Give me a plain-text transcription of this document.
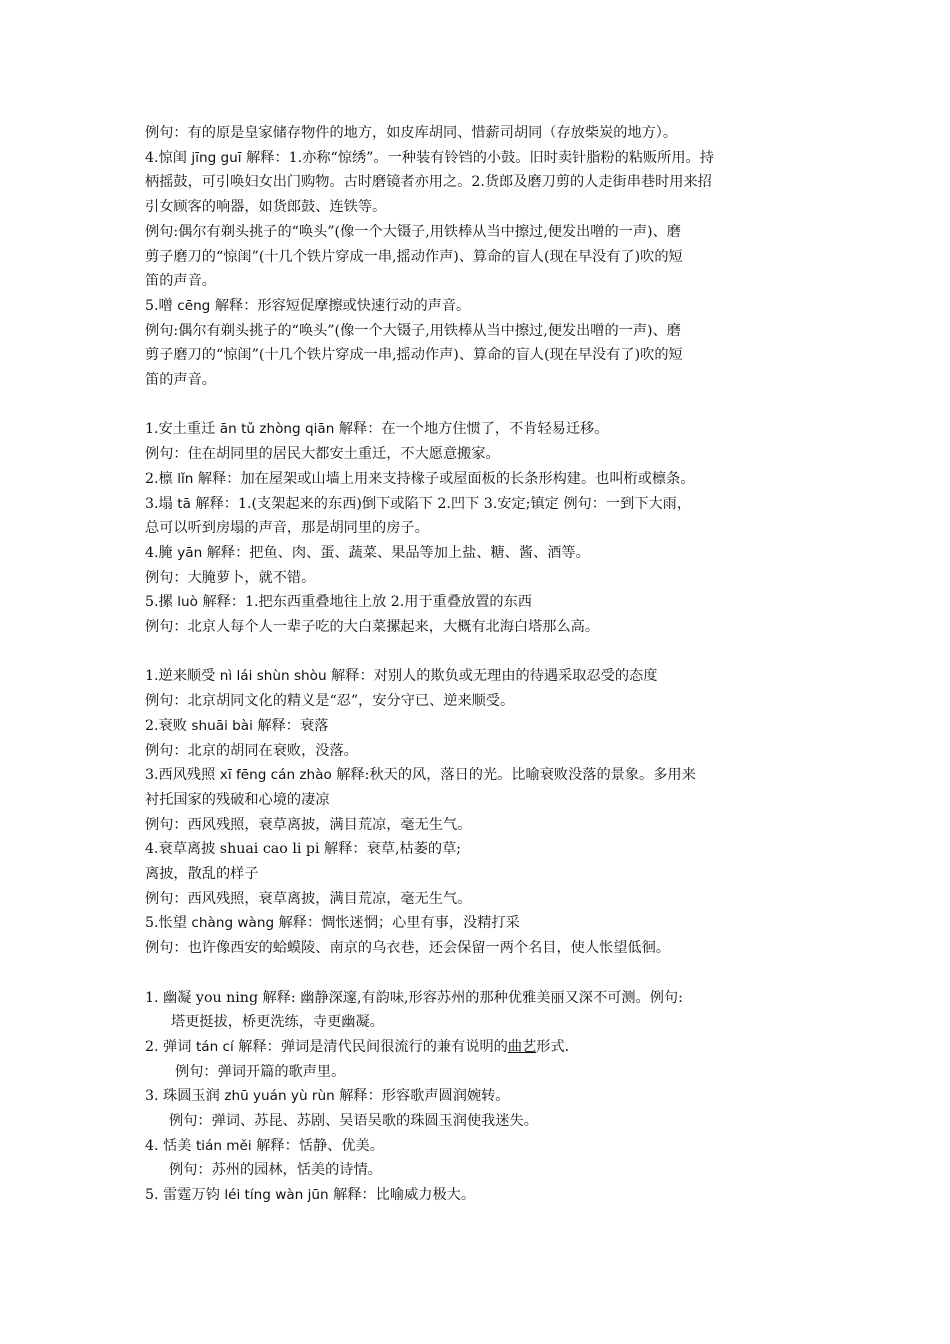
例句：有的原是皇家储存物件的地方，如皮库胡同、惜薪司胡同（存放柴炭的地方）。
4.惊闺 jīng guī 解释：1.亦称“惊绣”。一种装有铃铛的小鼓。旧时卖针脂粉的粘贩所用。持
柄摇鼓，可引唤妇女出门购物。古时磨镜者亦用之。2.货郎及磨刀剪的人走街串巷时用来招
引女顾客的响器，如货郎鼓、连铁等。
例句:偶尔有剃头挑子的“唤头”(像一个大镊子,用铁棒从当中擦过,便发出噌的一声)、磨
剪子磨刀的“惊闺”(十几个铁片穿成一串,摇动作声)、算命的盲人(现在早没有了)吹的短
笛的声音。
5.噌 cēng 解释：形容短促摩擦或快速行动的声音。
例句:偶尔有剃头挑子的“唤头”(像一个大镊子,用铁棒从当中擦过,便发出噌的一声)、磨
剪子磨刀的“惊闺”(十几个铁片穿成一串,摇动作声)、算命的盲人(现在早没有了)吹的短
笛的声音。
1.安土重迁 ān tǔ zhòng qiān 解释：在一个地方住惯了，不肯轻易迁移。
例句：住在胡同里的居民大都安土重迁，不大愿意搬家。
2.檩 lǐn 解释：加在屋架或山墙上用来支持椽子或屋面板的长条形构建。也叫桁或檩条。
3.塌 tā 解释：1.(支架起来的东西)倒下或陷下 2.凹下 3.安定;镇定 例句：一到下大雨，
总可以听到房塌的声音，那是胡同里的房子。
4.腌 yān 解释：把鱼、肉、蛋、蔬菜、果品等加上盐、糖、酱、酒等。
例句：大腌萝卜，就不错。
5.摞 luò 解释：1.把东西重叠地往上放 2.用于重叠放置的东西
例句：北京人每个人一辈子吃的大白菜摞起来，大概有北海白塔那么高。
1.逆来顺受 nì lái shùn shòu 解释：对别人的欺负或无理由的待遇采取忍受的态度
例句：北京胡同文化的精义是“忍”，安分守已、逆来顺受。
2.衰败 shuāi bài 解释：衰落
例句：北京的胡同在衰败，没落。
3.西风残照 xī fēng cán zhào 解释:秋天的风，落日的光。比喻衰败没落的景象。多用来
衬托国家的残破和心境的凄凉
例句：西风残照，衰草离披，满目荒凉，毫无生气。
4.衰草离披 shuai cao li pi 解释：衰草,枯萎的草;
离披，散乱的样子
例句：西风残照，衰草离披，满目荒凉，毫无生气。
5.怅望 chàng wàng 解释：惆怅迷惘；心里有事，没精打采
例句：也许像西安的蛤蟆陵、南京的乌衣巷，还会保留一两个名目，使人怅望低徊。
1. 幽凝 you ning 解释: 幽静深邃,有韵味,形容苏州的那种优雅美丽又深不可测。例句:
塔更挺拔，桥更洗练，寺更幽凝。
2. 弹词 tán cí 解释：弹词是清代民间很流行的兼有说明的曲艺形式.
例句：弹词开篇的歌声里。
3. 珠圆玉润 zhū yuán yù rùn 解释：形容歌声圆润婉转。
例句：弹词、苏昆、苏剧、吴语吴歌的珠圆玉润使我迷失。
4. 恬美 tián měi 解释：恬静、优美。
例句：苏州的园林，恬美的诗情。
5. 雷霆万钧 léi tíng wàn jūn 解释：比喻威力极大。
